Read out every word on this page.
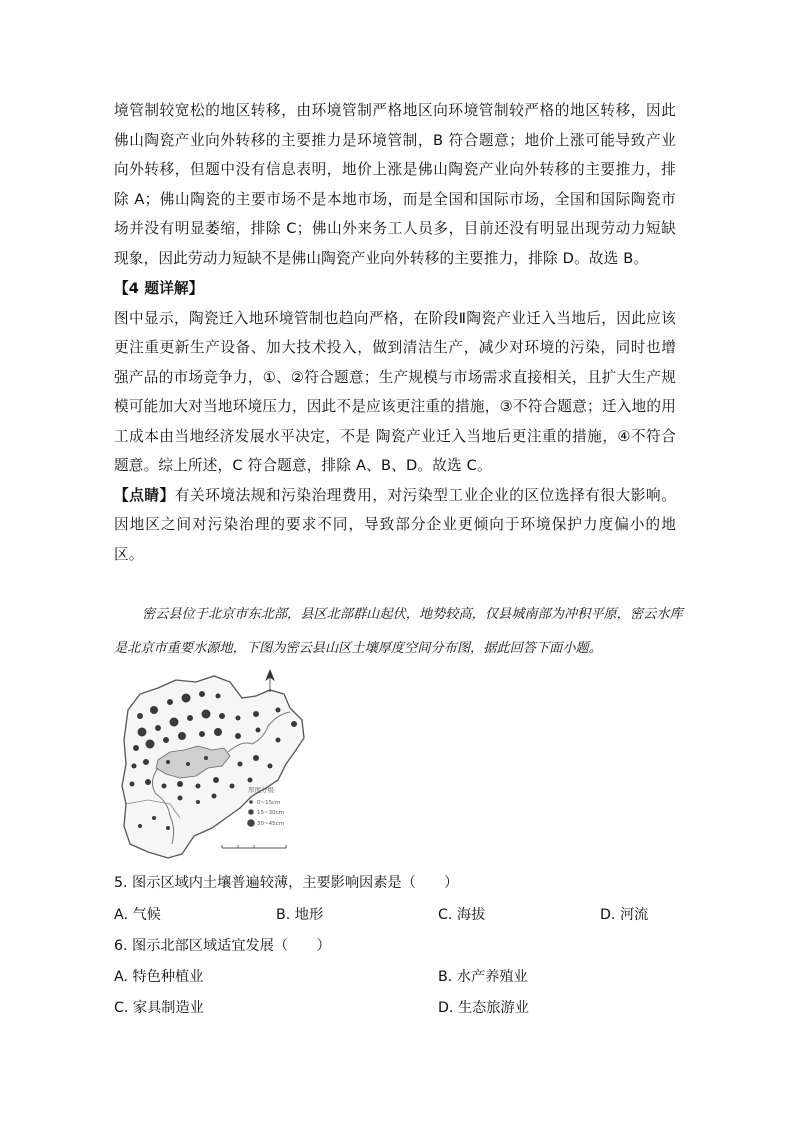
境管制较宽松的地区转移，由环境管制严格地区向环境管制较严格的地区转移，因此佛山陶瓷产业向外转移的主要推力是环境管制，B 符合题意；地价上涨可能导致产业向外转移，但题中没有信息表明，地价上涨是佛山陶瓷产业向外转移的主要推力，排除 A；佛山陶瓷的主要市场不是本地市场，而是全国和国际市场，全国和国际陶瓷市场并没有明显萎缩，排除 C；佛山外来务工人员多，目前还没有明显出现劳动力短缺现象，因此劳动力短缺不是佛山陶瓷产业向外转移的主要推力，排除 D。故选 B。

【4 题详解】

图中显示，陶瓷迁入地环境管制也趋向严格，在阶段Ⅱ陶瓷产业迁入当地后，因此应该更注重更新生产设备、加大技术投入，做到清洁生产，减少对环境的污染，同时也增强产品的市场竞争力，①、②符合题意；生产规模与市场需求直接相关，且扩大生产规模可能加大对当地环境压力，因此不是应该更注重的措施，③不符合题意；迁入地的用工成本由当地经济发展水平决定，不是 陶瓷产业迁入当地后更注重的措施，④不符合题意。综上所述，C 符合题意，排除 A、B、D。故选 C。

【点睛】有关环境法规和污染治理费用，对污染型工业企业的区位选择有很大影响。因地区之间对污染治理的要求不同，导致部分企业更倾向于环境保护力度偏小的地区。

密云县位于北京市东北部，县区北部群山起伏，地势较高，仅县城南部为冲积平原，密云水库是北京市重要水源地，下图为密云县山区土壤厚度空间分布图，据此回答下面小题。

厚度分级
0~15cm
15~30cm
30~45cm
5. 图示区域内土壤普遍较薄，主要影响因素是（　　）
A. 气候	B. 地形	C. 海拔	D. 河流
6. 图示北部区域适宜发展（　　）
A. 特色种植业	B. 水产养殖业
C. 家具制造业	D. 生态旅游业
